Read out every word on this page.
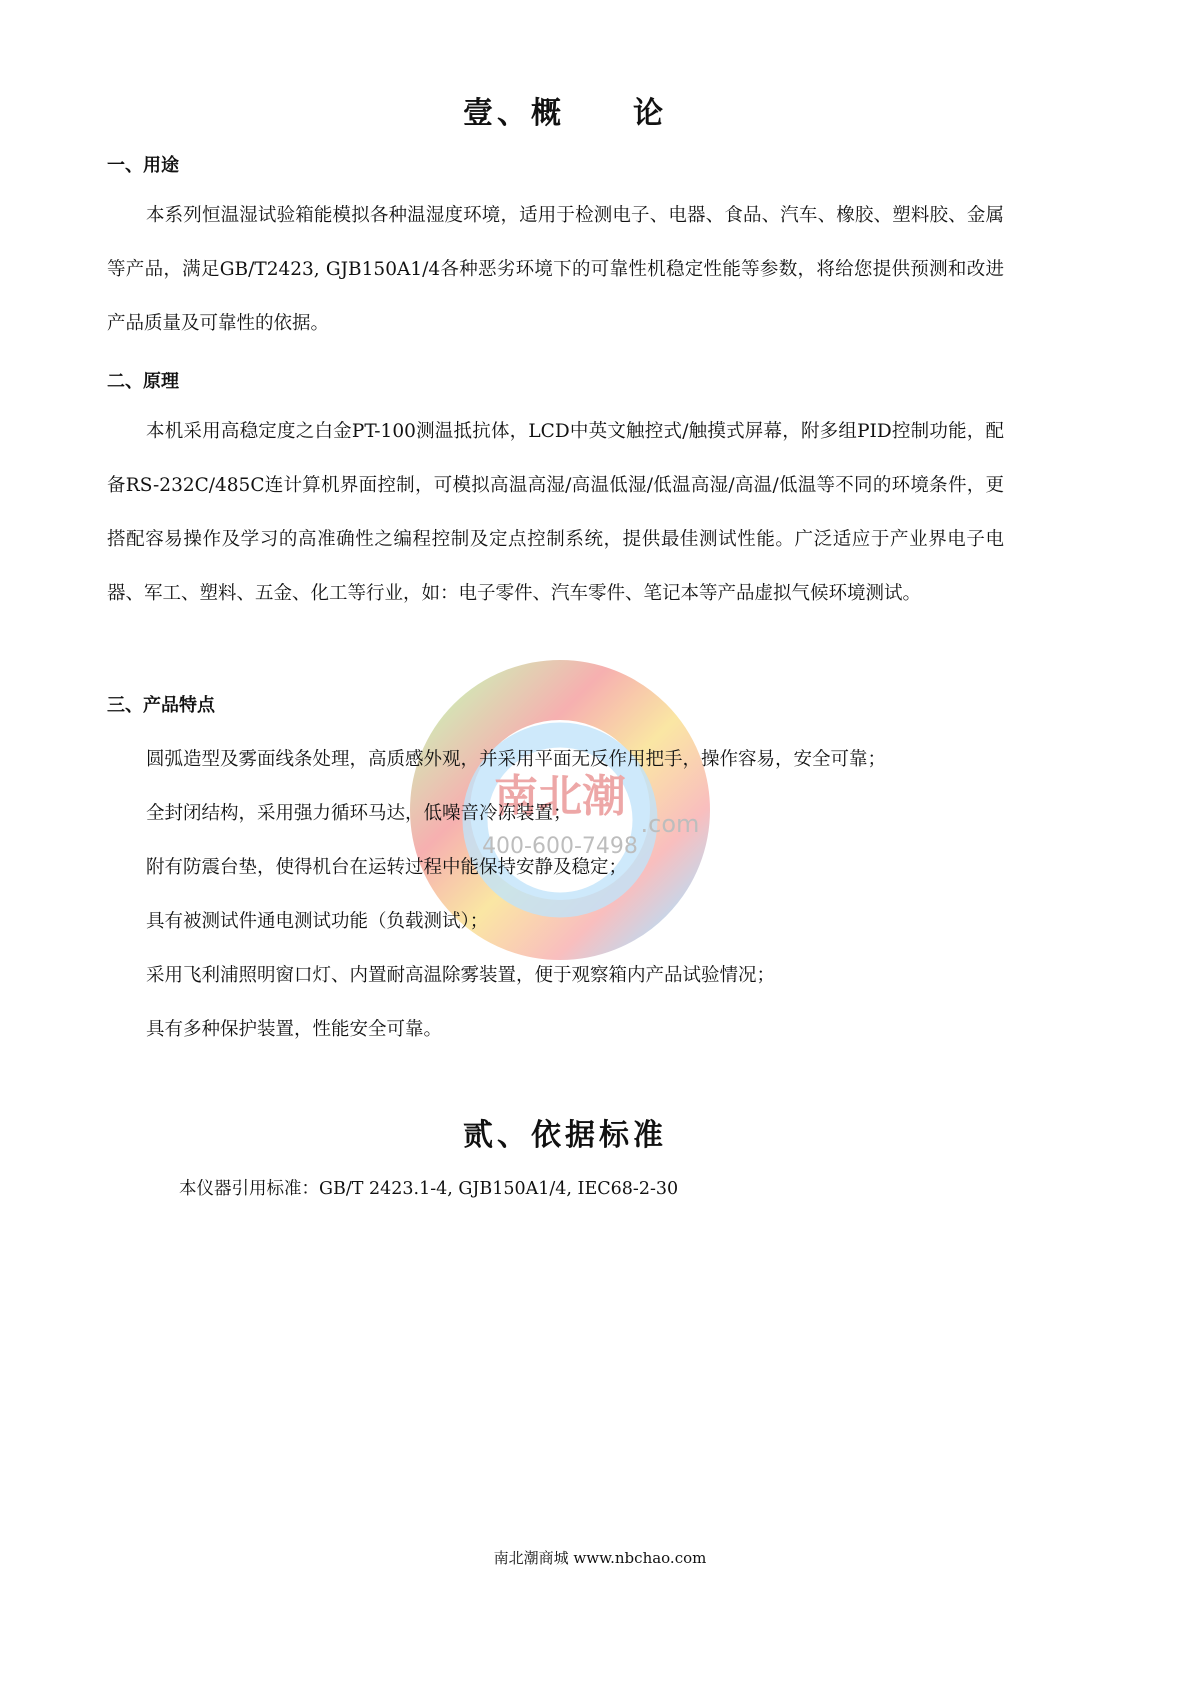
南北潮
.com
400-600-7498
壹、概　　论
一、用途
本系列恒温湿试验箱能模拟各种温湿度环境，适用于检测电子、电器、食品、汽车、橡胶、塑料胶、金属等产品，满足GB/T2423, GJB150A1/4各种恶劣环境下的可靠性机稳定性能等参数，将给您提供预测和改进产品质量及可靠性的依据。
二、原理
本机采用高稳定度之白金PT-100测温抵抗体，LCD中英文触控式/触摸式屏幕，附多组PID控制功能，配备RS-232C/485C连计算机界面控制，可模拟高温高湿/高温低湿/低温高湿/高温/低温等不同的环境条件，更搭配容易操作及学习的高准确性之编程控制及定点控制系统，提供最佳测试性能。广泛适应于产业界电子电器、军工、塑料、五金、化工等行业，如：电子零件、汽车零件、笔记本等产品虚拟气候环境测试。
三、产品特点
圆弧造型及雾面线条处理，高质感外观，并采用平面无反作用把手，操作容易，安全可靠；
全封闭结构，采用强力循环马达，低噪音冷冻装置；
附有防震台垫，使得机台在运转过程中能保持安静及稳定；
具有被测试件通电测试功能（负载测试）；
采用飞利浦照明窗口灯、内置耐高温除雾装置，便于观察箱内产品试验情况；
具有多种保护装置，性能安全可靠。
贰、依据标准
本仪器引用标准：GB/T 2423.1-4, GJB150A1/4, IEC68-2-30
南北潮商城 www.nbchao.com
